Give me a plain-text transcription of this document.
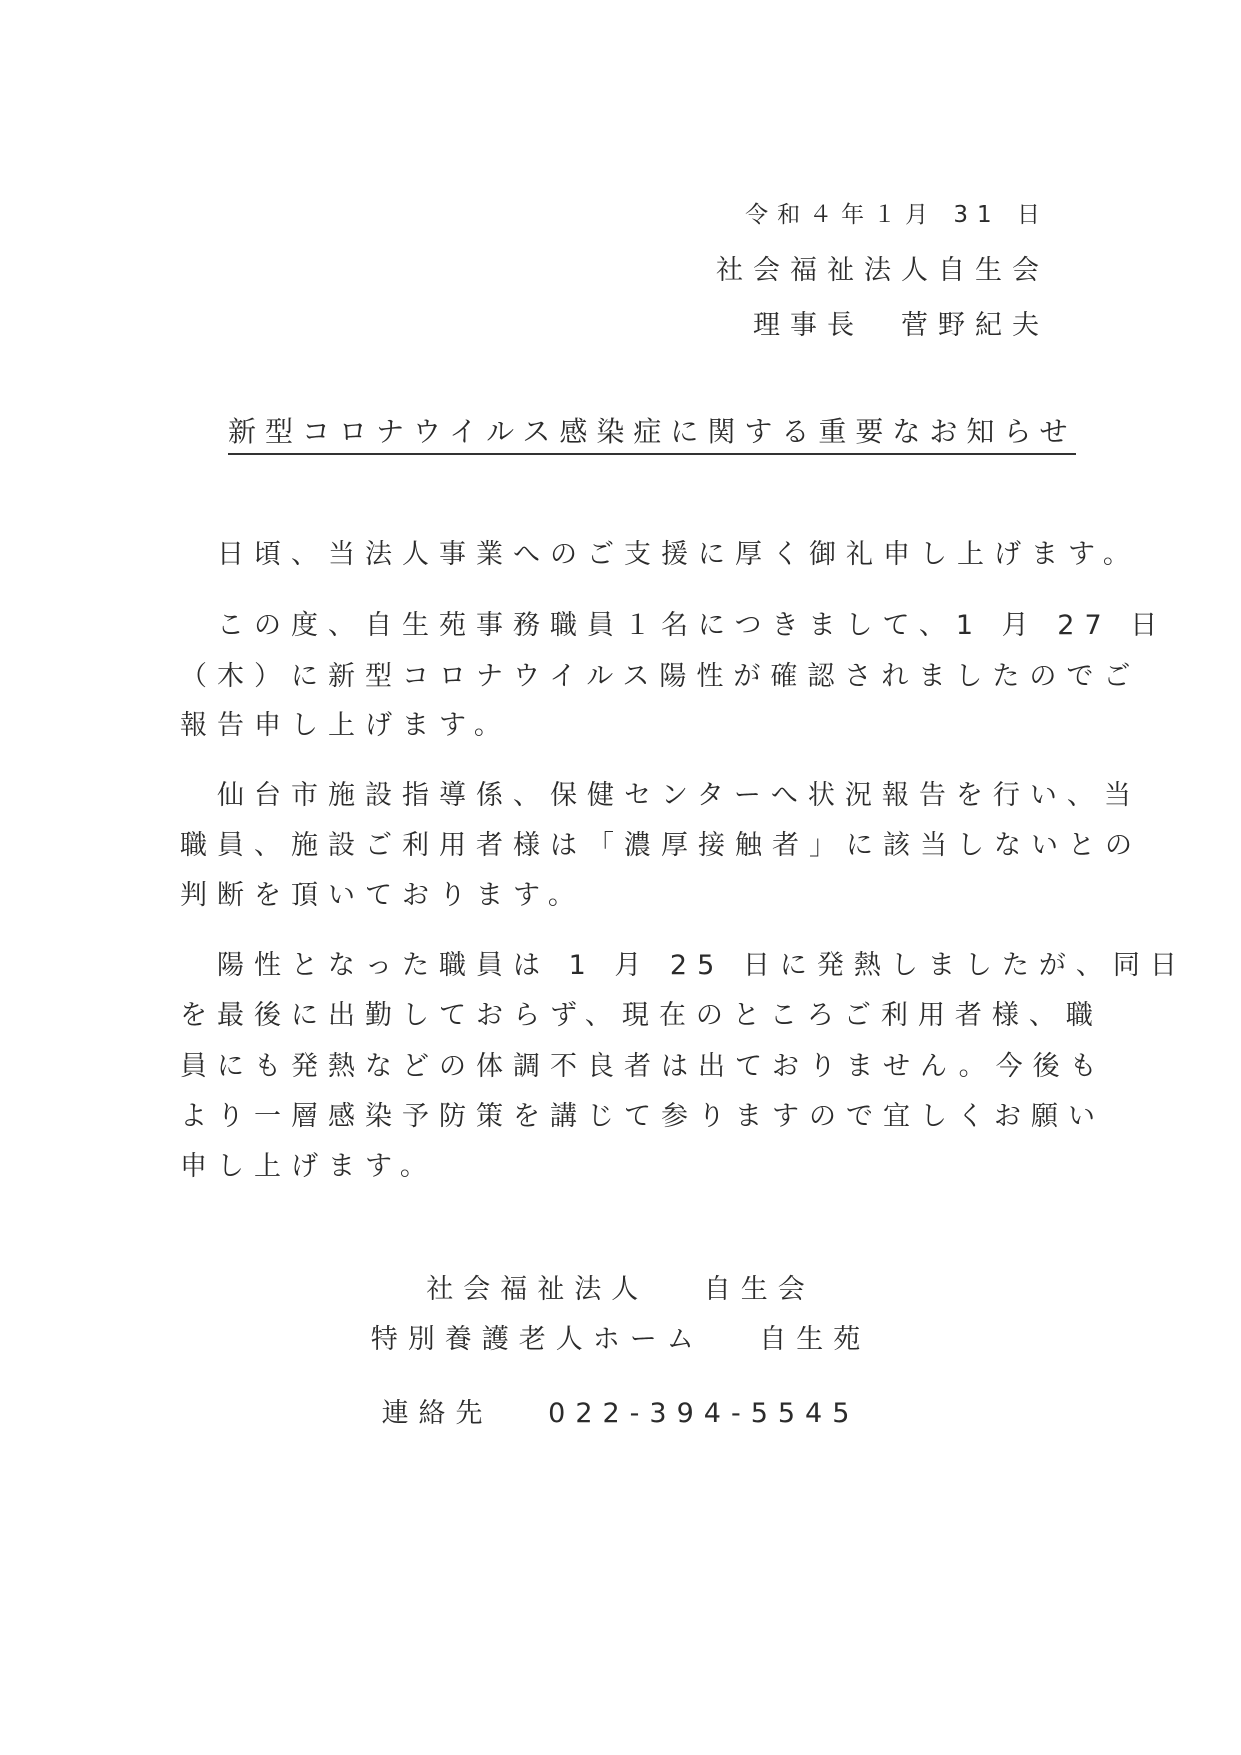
令和４年１月 31 日

社会福祉法人自生会

理事長　菅野紀夫

新型コロナウイルス感染症に関する重要なお知らせ

　日頃、当法人事業へのご支援に厚く御礼申し上げます。

　この度、自生苑事務職員１名につきまして、1 月 27 日

（木）に新型コロナウイルス陽性が確認されましたのでご

報告申し上げます。

　仙台市施設指導係、保健センターへ状況報告を行い、当

職員、施設ご利用者様は「濃厚接触者」に該当しないとの

判断を頂いております。

　陽性となった職員は 1 月 25 日に発熱しましたが、同日

を最後に出勤しておらず、現在のところご利用者様、職

員にも発熱などの体調不良者は出ておりません。今後も

より一層感染予防策を講じて参りますので宜しくお願い

申し上げます。

社会福祉法人　 自生会

特別養護老人ホーム　 自生苑

連絡先　 022-394-5545
